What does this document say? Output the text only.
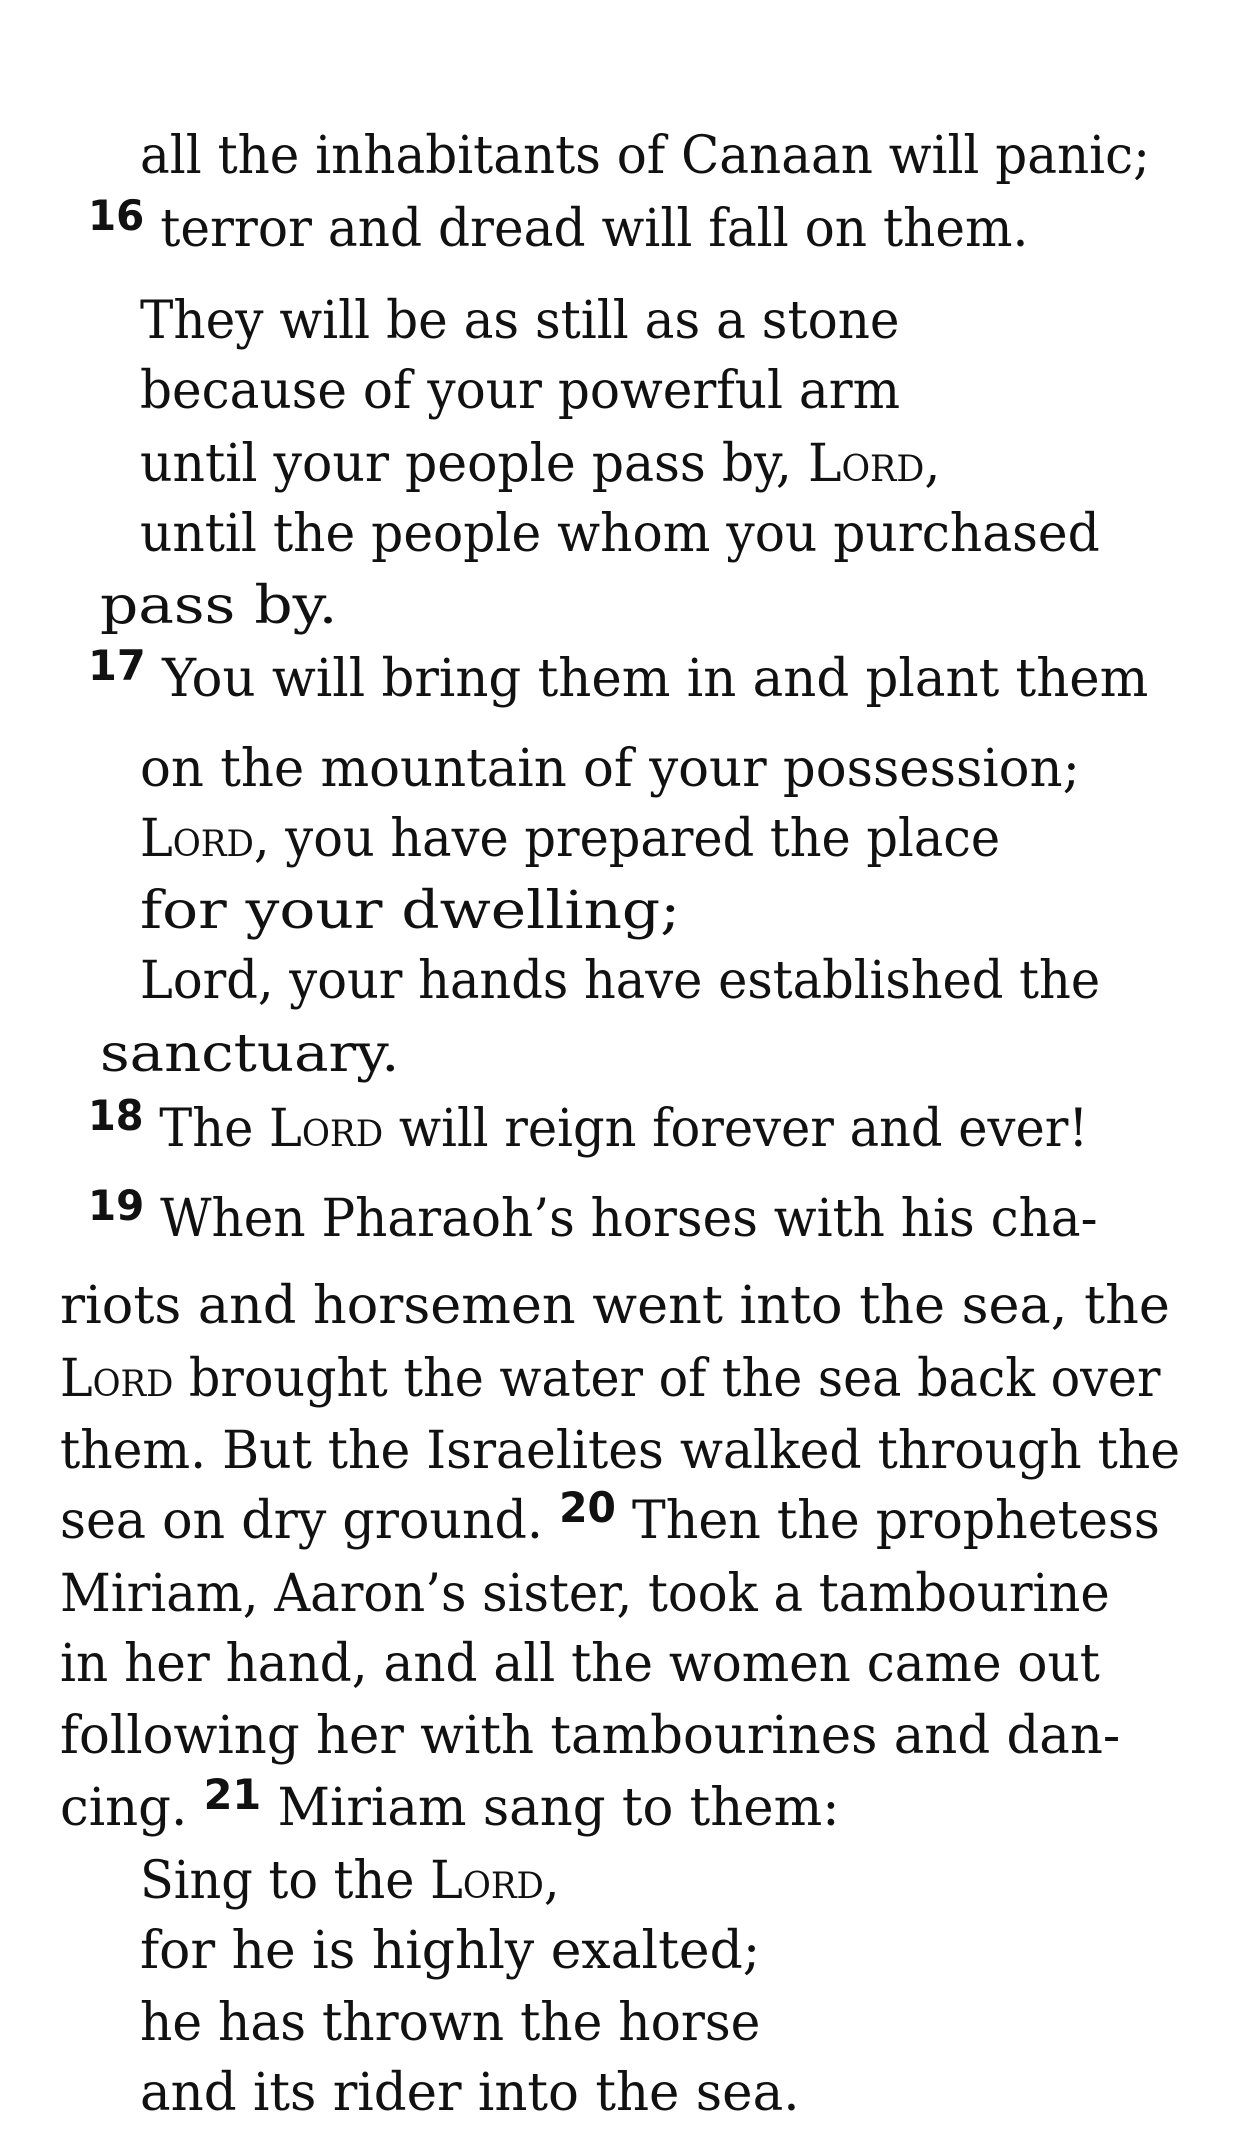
all the inhabitants of Canaan will panic;
$^{16}$ terror and dread will fall on them.
They will be as still as a stone
because of your powerful arm
until your people pass by, Lord,
until the people whom you purchased
pass by.
$^{17}$ You will bring them in and plant them
on the mountain of your possession;
Lord, you have prepared the place
for your dwelling;
Lord, your hands have established the
sanctuary.
$^{18}$ The Lord will reign forever and ever!
$^{19}$ When Pharaoh’s horses with his cha-
riots and horsemen went into the sea, the
Lord brought the water of the sea back over
them. But the Israelites walked through the
sea on dry ground. $^{20}$ Then the prophetess
Miriam, Aaron’s sister, took a tambourine
in her hand, and all the women came out
following her with tambourines and dan-
cing. $^{21}$ Miriam sang to them:
Sing to the Lord,
for he is highly exalted;
he has thrown the horse
and its rider into the sea.
